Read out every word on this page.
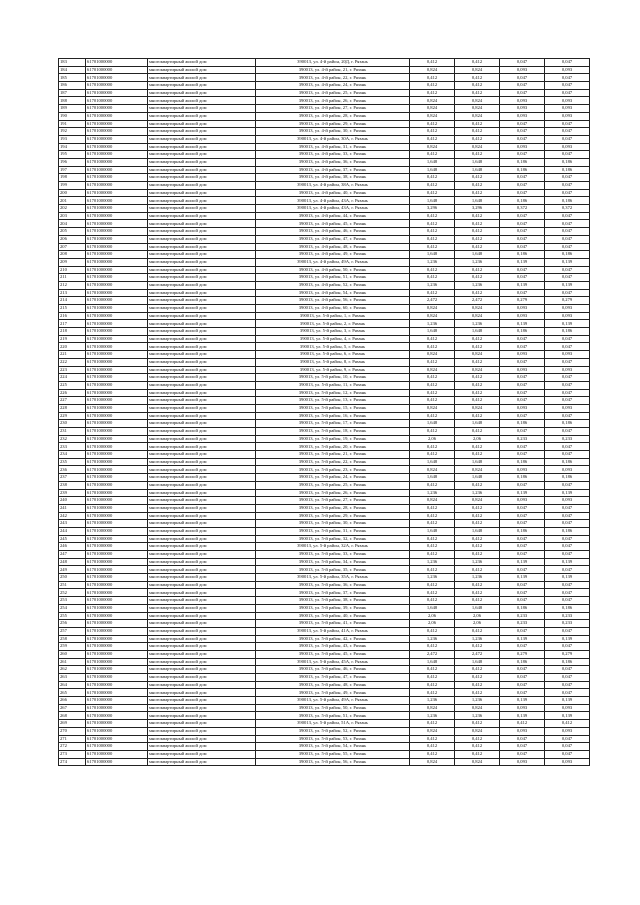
183	61701000000	многоквартирный жилой дом	390013, ул. 4-й район, 20Д, г. Рязань	0,412	0,412	0,047	0,047
184	61701000000	многоквартирный жилой дом	390013, ул. 4-й район, 21, г. Рязань	0,824	0,824	0,093	0,093
185	61701000000	многоквартирный жилой дом	390013, ул. 4-й район, 22, г. Рязань	0,412	0,412	0,047	0,047
186	61701000000	многоквартирный жилой дом	390013, ул. 4-й район, 24, г. Рязань	0,412	0,412	0,047	0,047
187	61701000000	многоквартирный жилой дом	390013, ул. 4-й район, 25, г. Рязань	0,412	0,412	0,047	0,047
188	61701000000	многоквартирный жилой дом	390013, ул. 4-й район, 26, г. Рязань	0,824	0,824	0,093	0,093
189	61701000000	многоквартирный жилой дом	390013, ул. 4-й район, 27, г. Рязань	0,824	0,824	0,093	0,093
190	61701000000	многоквартирный жилой дом	390013, ул. 4-й район, 28, г. Рязань	0,824	0,824	0,093	0,093
191	61701000000	многоквартирный жилой дом	390013, ул. 4-й район, 29, г. Рязань	0,412	0,412	0,047	0,047
192	61701000000	многоквартирный жилой дом	390013, ул. 4-й район, 30, г. Рязань	0,412	0,412	0,047	0,047
193	61701000000	многоквартирный жилой дом	390013, ул. 4-й район, 30А, г. Рязань	0,412	0,412	0,047	0,047
194	61701000000	многоквартирный жилой дом	390013, ул. 4-й район, 31, г. Рязань	0,824	0,824	0,093	0,093
195	61701000000	многоквартирный жилой дом	390013, ул. 4-й район, 33, г. Рязань	0,412	0,412	0,047	0,047
196	61701000000	многоквартирный жилой дом	390013, ул. 4-й район, 36, г. Рязань	1,648	1,648	0,186	0,186
197	61701000000	многоквартирный жилой дом	390013, ул. 4-й район, 37, г. Рязань	1,648	1,648	0,186	0,186
198	61701000000	многоквартирный жилой дом	390013, ул. 4-й район, 38, г. Рязань	0,412	0,412	0,047	0,047
199	61701000000	многоквартирный жилой дом	390013, ул. 4-й район, 38А, г. Рязань	0,412	0,412	0,047	0,047
200	61701000000	многоквартирный жилой дом	390013, ул. 4-й район, 40, г. Рязань	0,412	0,412	0,047	0,047
201	61701000000	многоквартирный жилой дом	390013, ул. 4-й район, 43А, г. Рязань	1,648	1,648	0,186	0,186
202	61701000000	многоквартирный жилой дом	390013, ул. 4-й район, 43А, г. Рязань	3,296	3,296	0,372	0,372
203	61701000000	многоквартирный жилой дом	390013, ул. 4-й район, 44, г. Рязань	0,412	0,412	0,047	0,047
204	61701000000	многоквартирный жилой дом	390013, ул. 4-й район, 45, г. Рязань	0,412	0,412	0,047	0,047
205	61701000000	многоквартирный жилой дом	390013, ул. 4-й район, 46, г. Рязань	0,412	0,412	0,047	0,047
206	61701000000	многоквартирный жилой дом	390013, ул. 4-й район, 47, г. Рязань	0,412	0,412	0,047	0,047
207	61701000000	многоквартирный жилой дом	390013, ул. 4-й район, 48, г. Рязань	0,412	0,412	0,047	0,047
208	61701000000	многоквартирный жилой дом	390013, ул. 4-й район, 49, г. Рязань	1,648	1,648	0,186	0,186
209	61701000000	многоквартирный жилой дом	390013, ул. 4-й район, 49А, г. Рязань	1,236	1,236	0,139	0,139
210	61701000000	многоквартирный жилой дом	390013, ул. 4-й район, 50, г. Рязань	0,412	0,412	0,047	0,047
211	61701000000	многоквартирный жилой дом	390013, ул. 4-й район, 51, г. Рязань	0,412	0,412	0,047	0,047
212	61701000000	многоквартирный жилой дом	390013, ул. 4-й район, 52, г. Рязань	1,236	1,236	0,139	0,139
213	61701000000	многоквартирный жилой дом	390013, ул. 4-й район, 54, г. Рязань	0,412	0,412	0,047	0,047
214	61701000000	многоквартирный жилой дом	390013, ул. 4-й район, 56, г. Рязань	2,472	2,472	0,279	0,279
215	61701000000	многоквартирный жилой дом	390013, ул. 4-й район, 60, г. Рязань	0,824	0,824	0,093	0,093
216	61701000000	многоквартирный жилой дом	390013, ул. 5-й район, 1, г. Рязань	0,824	0,824	0,093	0,093
217	61701000000	многоквартирный жилой дом	390013, ул. 5-й район, 2, г. Рязань	1,236	1,236	0,139	0,139
218	61701000000	многоквартирный жилой дом	390013, ул. 5-й район, 3, г. Рязань	1,648	1,648	0,186	0,186
219	61701000000	многоквартирный жилой дом	390013, ул. 5-й район, 4, г. Рязань	0,412	0,412	0,047	0,047
220	61701000000	многоквартирный жилой дом	390013, ул. 5-й район, 5, г. Рязань	0,412	0,412	0,047	0,047
221	61701000000	многоквартирный жилой дом	390013, ул. 5-й район, 6, г. Рязань	0,824	0,824	0,093	0,093
222	61701000000	многоквартирный жилой дом	390013, ул. 5-й район, 8, г. Рязань	0,412	0,412	0,047	0,047
223	61701000000	многоквартирный жилой дом	390013, ул. 5-й район, 9, г. Рязань	0,824	0,824	0,093	0,093
224	61701000000	многоквартирный жилой дом	390013, ул. 5-й район, 10, г. Рязань	0,412	0,412	0,047	0,047
225	61701000000	многоквартирный жилой дом	390013, ул. 5-й район, 11, г. Рязань	0,412	0,412	0,047	0,047
226	61701000000	многоквартирный жилой дом	390013, ул. 5-й район, 12, г. Рязань	0,412	0,412	0,047	0,047
227	61701000000	многоквартирный жилой дом	390013, ул. 5-й район, 13, г. Рязань	0,412	0,412	0,047	0,047
228	61701000000	многоквартирный жилой дом	390013, ул. 5-й район, 15, г. Рязань	0,824	0,824	0,093	0,093
229	61701000000	многоквартирный жилой дом	390013, ул. 5-й район, 16, г. Рязань	0,412	0,412	0,047	0,047
230	61701000000	многоквартирный жилой дом	390013, ул. 5-й район, 17, г. Рязань	1,648	1,648	0,186	0,186
231	61701000000	многоквартирный жилой дом	390013, ул. 5-й район, 18, г. Рязань	0,412	0,412	0,047	0,047
232	61701000000	многоквартирный жилой дом	390013, ул. 5-й район, 19, г. Рязань	2,06	2,06	0,233	0,233
233	61701000000	многоквартирный жилой дом	390013, ул. 5-й район, 20, г. Рязань	0,412	0,412	0,047	0,047
234	61701000000	многоквартирный жилой дом	390013, ул. 5-й район, 21, г. Рязань	0,412	0,412	0,047	0,047
235	61701000000	многоквартирный жилой дом	390013, ул. 5-й район, 22, г. Рязань	1,648	1,648	0,186	0,186
236	61701000000	многоквартирный жилой дом	390013, ул. 5-й район, 23, г. Рязань	0,824	0,824	0,093	0,093
237	61701000000	многоквартирный жилой дом	390013, ул. 5-й район, 24, г. Рязань	1,648	1,648	0,186	0,186
238	61701000000	многоквартирный жилой дом	390013, ул. 5-й район, 25, г. Рязань	0,412	0,412	0,047	0,047
239	61701000000	многоквартирный жилой дом	390013, ул. 5-й район, 26, г. Рязань	1,236	1,236	0,139	0,139
240	61701000000	многоквартирный жилой дом	390013, ул. 5-й район, 27, г. Рязань	0,824	0,824	0,093	0,093
241	61701000000	многоквартирный жилой дом	390013, ул. 5-й район, 28, г. Рязань	0,412	0,412	0,047	0,047
242	61701000000	многоквартирный жилой дом	390013, ул. 5-й район, 29, г. Рязань	0,412	0,412	0,047	0,047
243	61701000000	многоквартирный жилой дом	390013, ул. 5-й район, 30, г. Рязань	0,412	0,412	0,047	0,047
244	61701000000	многоквартирный жилой дом	390013, ул. 5-й район, 31, г. Рязань	1,648	1,648	0,186	0,186
245	61701000000	многоквартирный жилой дом	390013, ул. 5-й район, 32, г. Рязань	0,412	0,412	0,047	0,047
246	61701000000	многоквартирный жилой дом	390013, ул. 5-й район, 32А, г. Рязань	0,412	0,412	0,047	0,047
247	61701000000	многоквартирный жилой дом	390013, ул. 5-й район, 33, г. Рязань	0,412	0,412	0,047	0,047
248	61701000000	многоквартирный жилой дом	390013, ул. 5-й район, 34, г. Рязань	1,236	1,236	0,139	0,139
249	61701000000	многоквартирный жилой дом	390013, ул. 5-й район, 35, г. Рязань	0,412	0,412	0,047	0,047
250	61701000000	многоквартирный жилой дом	390013, ул. 5-й район, 35А, г. Рязань	1,236	1,236	0,139	0,139
251	61701000000	многоквартирный жилой дом	390013, ул. 5-й район, 36, г. Рязань	0,412	0,412	0,047	0,047
252	61701000000	многоквартирный жилой дом	390013, ул. 5-й район, 37, г. Рязань	0,412	0,412	0,047	0,047
253	61701000000	многоквартирный жилой дом	390013, ул. 5-й район, 38, г. Рязань	0,412	0,412	0,047	0,047
254	61701000000	многоквартирный жилой дом	390013, ул. 5-й район, 39, г. Рязань	1,648	1,648	0,186	0,186
255	61701000000	многоквартирный жилой дом	390013, ул. 5-й район, 40, г. Рязань	2,06	2,06	0,233	0,233
256	61701000000	многоквартирный жилой дом	390013, ул. 5-й район, 41, г. Рязань	2,06	2,06	0,233	0,233
257	61701000000	многоквартирный жилой дом	390013, ул. 5-й район, 41А, г. Рязань	0,412	0,412	0,047	0,047
258	61701000000	многоквартирный жилой дом	390013, ул. 5-й район, 42, г. Рязань	1,236	1,236	0,139	0,139
259	61701000000	многоквартирный жилой дом	390013, ул. 5-й район, 43, г. Рязань	0,412	0,412	0,047	0,047
260	61701000000	многоквартирный жилой дом	390013, ул. 5-й район, 45, г. Рязань	2,472	2,472	0,279	0,279
261	61701000000	многоквартирный жилой дом	390013, ул. 5-й район, 45А, г. Рязань	1,648	1,648	0,186	0,186
262	61701000000	многоквартирный жилой дом	390013, ул. 5-й район, 46, г. Рязань	0,412	0,412	0,047	0,047
263	61701000000	многоквартирный жилой дом	390013, ул. 5-й район, 47, г. Рязань	0,412	0,412	0,047	0,047
264	61701000000	многоквартирный жилой дом	390013, ул. 5-й район, 48, г. Рязань	0,412	0,412	0,047	0,047
265	61701000000	многоквартирный жилой дом	390013, ул. 5-й район, 49, г. Рязань	0,412	0,412	0,047	0,047
266	61701000000	многоквартирный жилой дом	390013, ул. 5-й район, 49А, г. Рязань	1,236	1,236	0,139	0,139
267	61701000000	многоквартирный жилой дом	390013, ул. 5-й район, 50, г. Рязань	0,824	0,824	0,093	0,093
268	61701000000	многоквартирный жилой дом	390013, ул. 5-й район, 51, г. Рязань	1,236	1,236	0,139	0,139
269	61701000000	многоквартирный жилой дом	390013, ул. 5-й район, 51А, г. Рязань	0,412	0,412	0,412	0,412
270	61701000000	многоквартирный жилой дом	390013, ул. 5-й район, 52, г. Рязань	0,824	0,824	0,093	0,093
271	61701000000	многоквартирный жилой дом	390013, ул. 5-й район, 53, г. Рязань	0,412	0,412	0,047	0,047
272	61701000000	многоквартирный жилой дом	390013, ул. 5-й район, 54, г. Рязань	0,412	0,412	0,047	0,047
273	61701000000	многоквартирный жилой дом	390013, ул. 5-й район, 55, г. Рязань	0,412	0,412	0,047	0,047
274	61701000000	многоквартирный жилой дом	390013, ул. 5-й район, 56, г. Рязань	0,824	0,824	0,093	0,093
